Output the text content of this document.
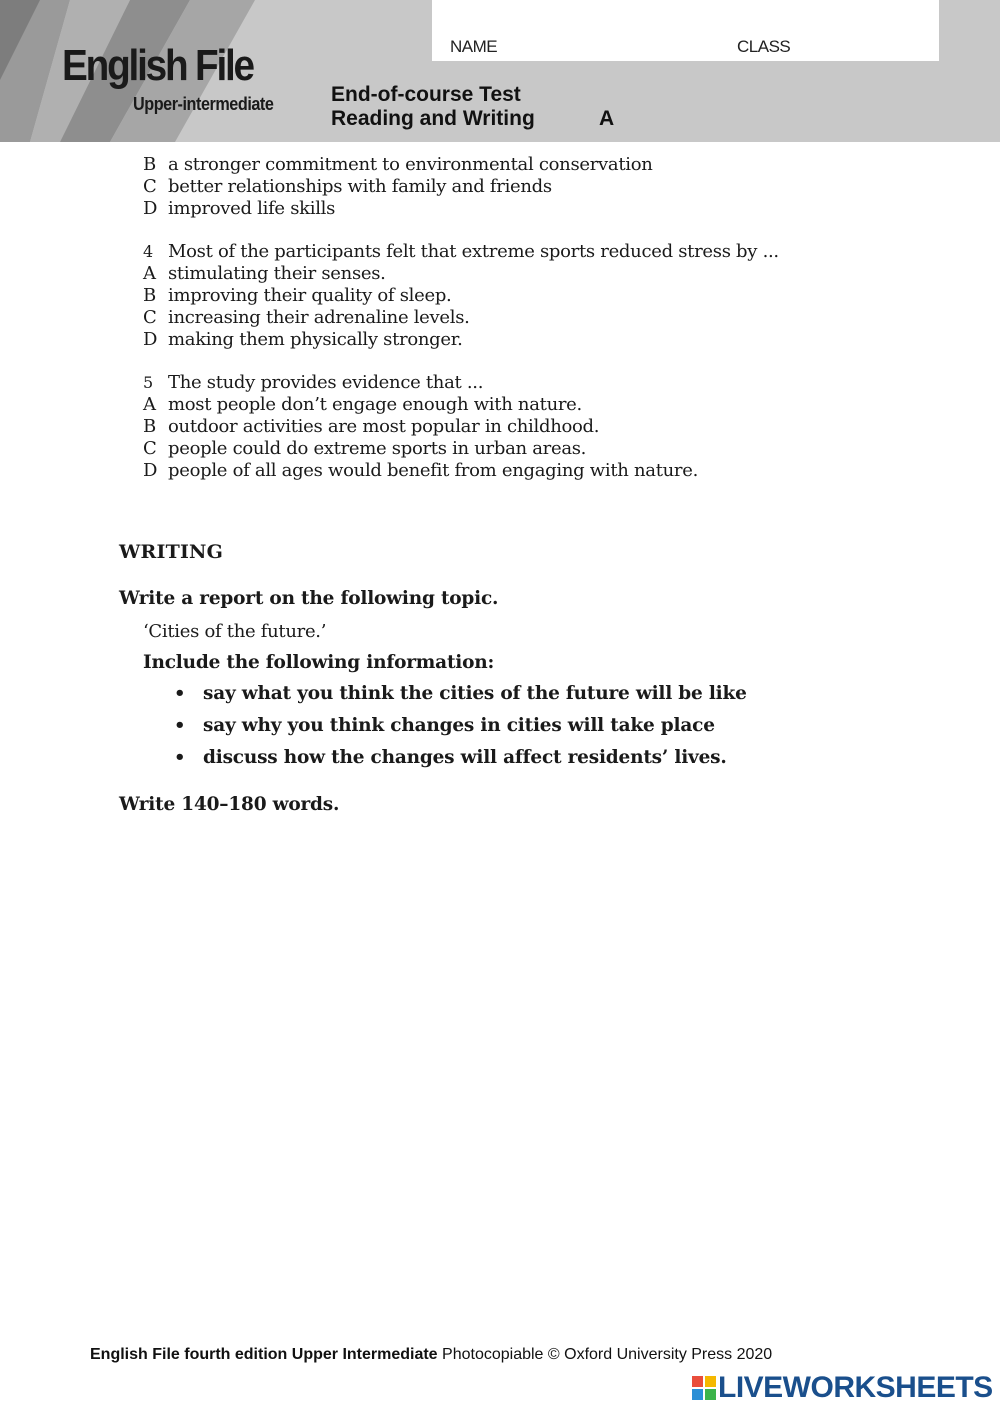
English File
Upper-intermediate
NAME	CLASS
End-of-course Test
Reading and Writing	A
B a stronger commitment to environmental conservation
C better relationships with family and friends
D improved life skills
4 Most of the participants felt that extreme sports reduced stress by ...
A stimulating their senses.
B improving their quality of sleep.
C increasing their adrenaline levels.
D making them physically stronger.
5 The study provides evidence that ...
A most people don’t engage enough with nature.
B outdoor activities are most popular in childhood.
C people could do extreme sports in urban areas.
D people of all ages would benefit from engaging with nature.
WRITING
Write a report on the following topic.
‘Cities of the future.’
Include the following information:
• say what you think the cities of the future will be like
• say why you think changes in cities will take place
• discuss how the changes will affect residents’ lives.
Write 140–180 words.
English File fourth edition Upper Intermediate Photocopiable © Oxford University Press 2020
LIVEWORKSHEETS
